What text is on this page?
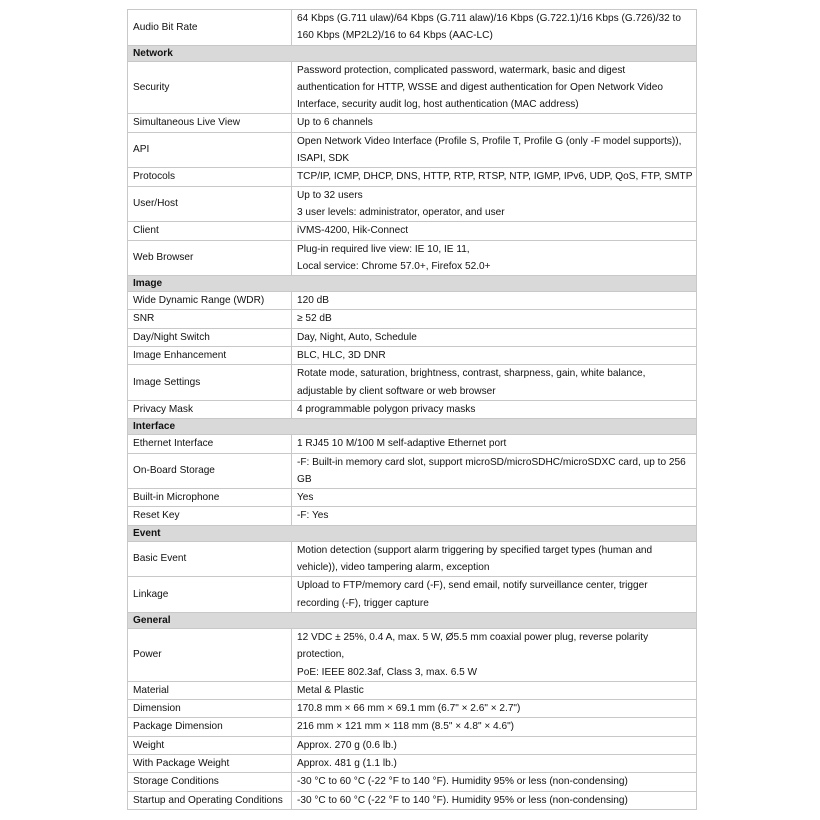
Audio Bit Rate	64 Kbps (G.711 ulaw)/64 Kbps (G.711 alaw)/16 Kbps (G.722.1)/16 Kbps (G.726)/32 to
160 Kbps (MP2L2)/16 to 64 Kbps (AAC-LC)

Network	
Security	Password protection, complicated password, watermark, basic and digest
authentication for HTTP, WSSE and digest authentication for Open Network Video
Interface, security audit log, host authentication (MAC address)

Simultaneous Live View	Up to 6 channels

API	Open Network Video Interface (Profile S, Profile T, Profile G (only -F model supports)),
ISAPI, SDK

Protocols	TCP/IP, ICMP, DHCP, DNS, HTTP, RTP, RTSP, NTP, IGMP, IPv6, UDP, QoS, FTP, SMTP

User/Host	Up to 32 users
3 user levels: administrator, operator, and user

Client	iVMS-4200, Hik-Connect

Web Browser	Plug-in required live view: IE 10, IE 11,
Local service: Chrome 57.0+, Firefox 52.0+

Image	
Wide Dynamic Range (WDR)	120 dB

SNR	≥ 52 dB

Day/Night Switch	Day, Night, Auto, Schedule

Image Enhancement	BLC, HLC, 3D DNR

Image Settings	Rotate mode, saturation, brightness, contrast, sharpness, gain, white balance,
adjustable by client software or web browser

Privacy Mask	4 programmable polygon privacy masks

Interface	
Ethernet Interface	1 RJ45 10 M/100 M self-adaptive Ethernet port

On-Board Storage	-F: Built-in memory card slot, support microSD/microSDHC/microSDXC card, up to 256
GB

Built-in Microphone	Yes

Reset Key	-F: Yes

Event	
Basic Event	Motion detection (support alarm triggering by specified target types (human and
vehicle)), video tampering alarm, exception

Linkage	Upload to FTP/memory card (-F), send email, notify surveillance center, trigger
recording (-F), trigger capture

General	
Power	12 VDC ± 25%, 0.4 A, max. 5 W, Ø5.5 mm coaxial power plug, reverse polarity
protection,
PoE: IEEE 802.3af, Class 3, max. 6.5 W

Material	Metal & Plastic

Dimension	170.8 mm × 66 mm × 69.1 mm (6.7" × 2.6" × 2.7")

Package Dimension	216 mm × 121 mm × 118 mm (8.5" × 4.8" × 4.6")

Weight	Approx. 270 g (0.6 lb.)

With Package Weight	Approx. 481 g (1.1 lb.)

Storage Conditions	-30 °C to 60 °C (-22 °F to 140 °F). Humidity 95% or less (non-condensing)

Startup and Operating Conditions	-30 °C to 60 °C (-22 °F to 140 °F). Humidity 95% or less (non-condensing)
